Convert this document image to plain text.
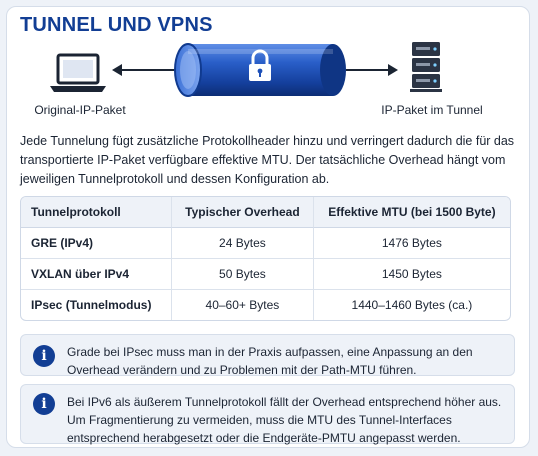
TUNNEL UND VPNS
Original-IP-Paket	IP-Paket im Tunnel
Jede Tunnelung fügt zusätzliche Protokollheader hinzu und verringert dadurch die für das transportierte IP-Paket verfügbare effektive MTU. Der tatsächliche Overhead hängt vom jeweiligen Tunnelprotokoll und dessen Konfiguration ab.
Tunnelprotokoll	Typischer Overhead	Effektive MTU (bei 1500 Byte)
GRE (IPv4)	24 Bytes	1476 Bytes
VXLAN über IPv4	50 Bytes	1450 Bytes
IPsec (Tunnelmodus)	40–60+ Bytes	1440–1460 Bytes (ca.)
i	Grade bei IPsec muss man in der Praxis aufpassen, eine Anpassung an den Overhead verändern und zu Problemen mit der Path-MTU führen.
i	Bei IPv6 als äußerem Tunnelprotokoll fällt der Overhead entsprechend höher aus. Um Fragmentierung zu vermeiden, muss die MTU des Tunnel-Interfaces entsprechend herabgesetzt oder die Endgeräte-PMTU angepasst werden.
